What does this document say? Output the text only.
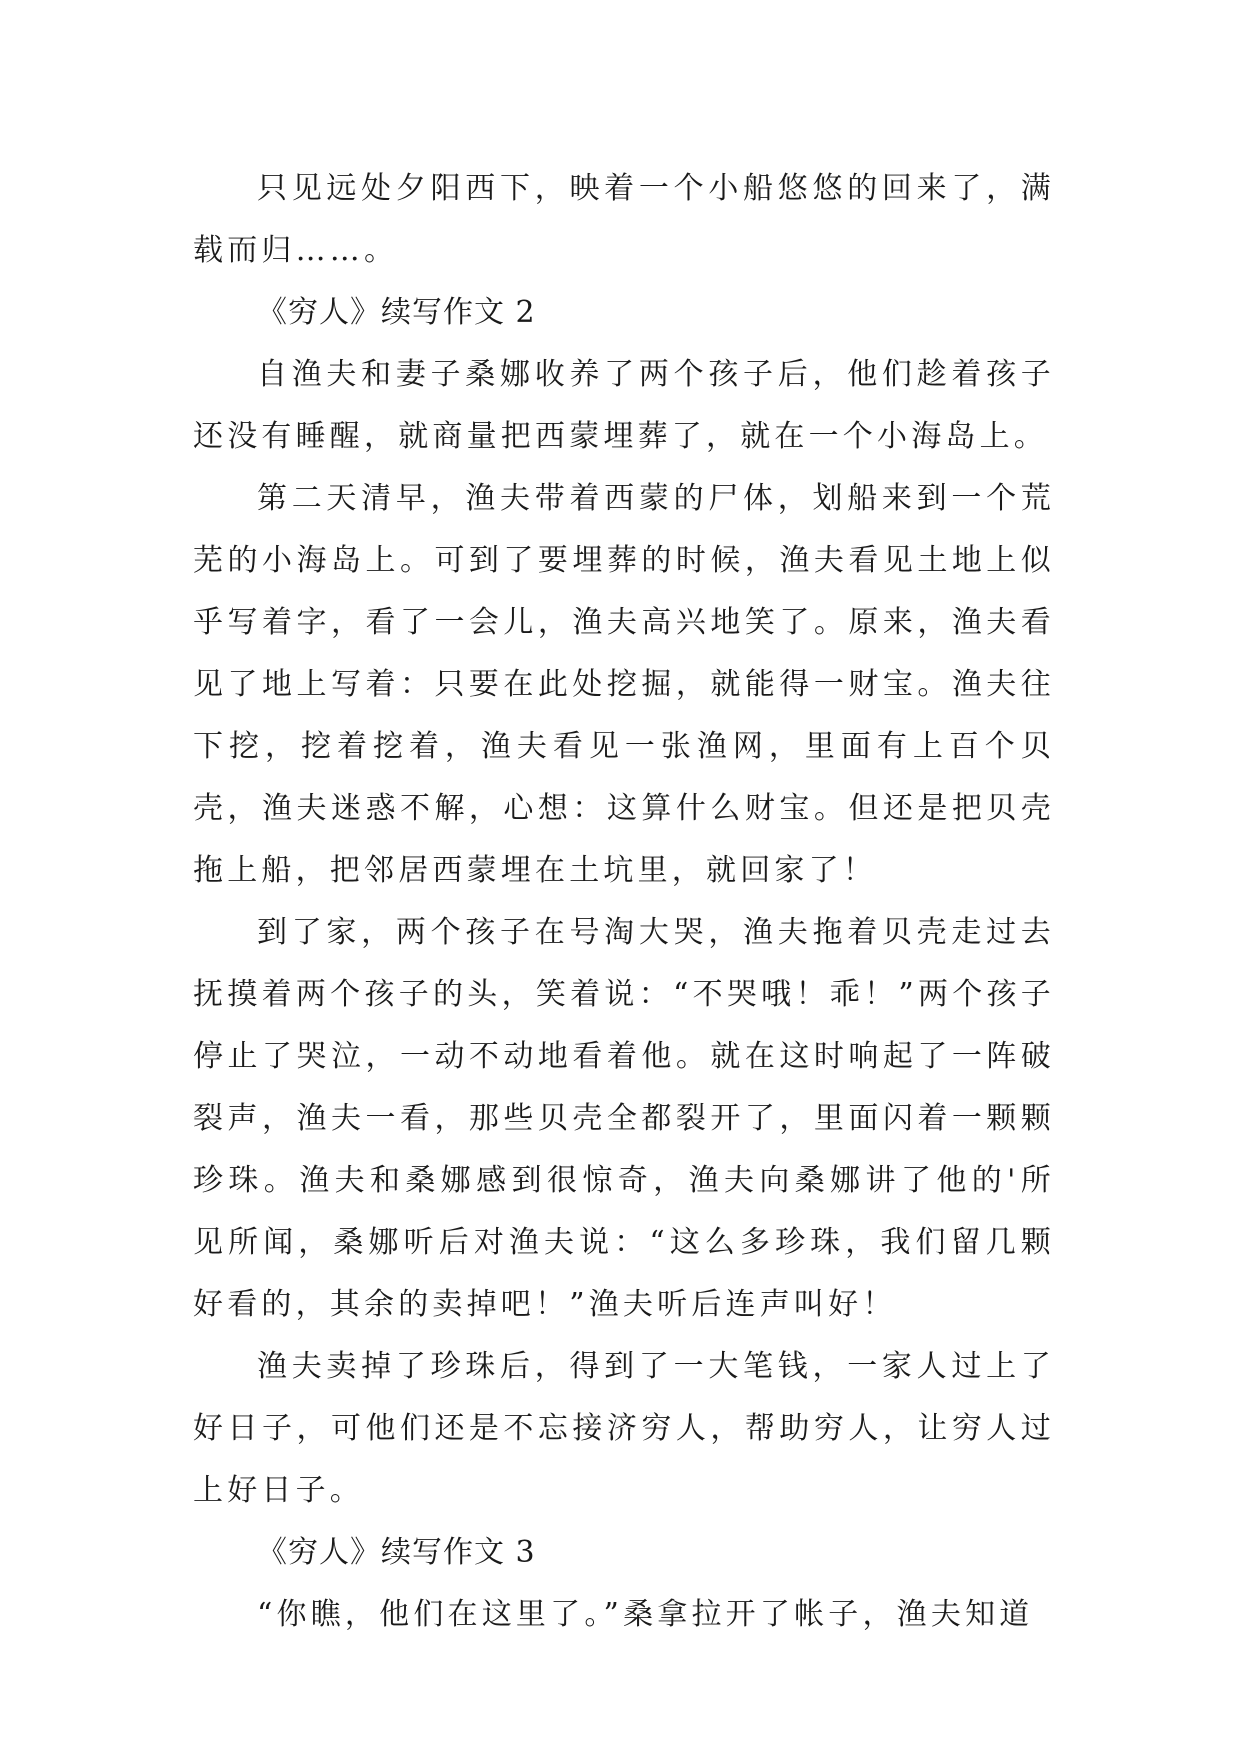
只见远处夕阳西下，映着一个小船悠悠的回来了，满载而归……。

《穷人》续写作文 2

自渔夫和妻子桑娜收养了两个孩子后，他们趁着孩子还没有睡醒，就商量把西蒙埋葬了，就在一个小海岛上。

第二天清早，渔夫带着西蒙的尸体，划船来到一个荒芜的小海岛上。可到了要埋葬的时候，渔夫看见土地上似乎写着字，看了一会儿，渔夫高兴地笑了。原来，渔夫看见了地上写着：只要在此处挖掘，就能得一财宝。渔夫往下挖，挖着挖着，渔夫看见一张渔网，里面有上百个贝壳，渔夫迷惑不解，心想：这算什么财宝。但还是把贝壳拖上船，把邻居西蒙埋在土坑里，就回家了！

到了家，两个孩子在号淘大哭，渔夫拖着贝壳走过去抚摸着两个孩子的头，笑着说：“不哭哦！乖！”两个孩子停止了哭泣，一动不动地看着他。就在这时响起了一阵破裂声，渔夫一看，那些贝壳全都裂开了，里面闪着一颗颗珍珠。渔夫和桑娜感到很惊奇，渔夫向桑娜讲了他的'所见所闻，桑娜听后对渔夫说：“这么多珍珠，我们留几颗好看的，其余的卖掉吧！”渔夫听后连声叫好！

渔夫卖掉了珍珠后，得到了一大笔钱，一家人过上了好日子，可他们还是不忘接济穷人，帮助穷人，让穷人过上好日子。

《穷人》续写作文 3

“你瞧，他们在这里了。”桑拿拉开了帐子，渔夫知道
